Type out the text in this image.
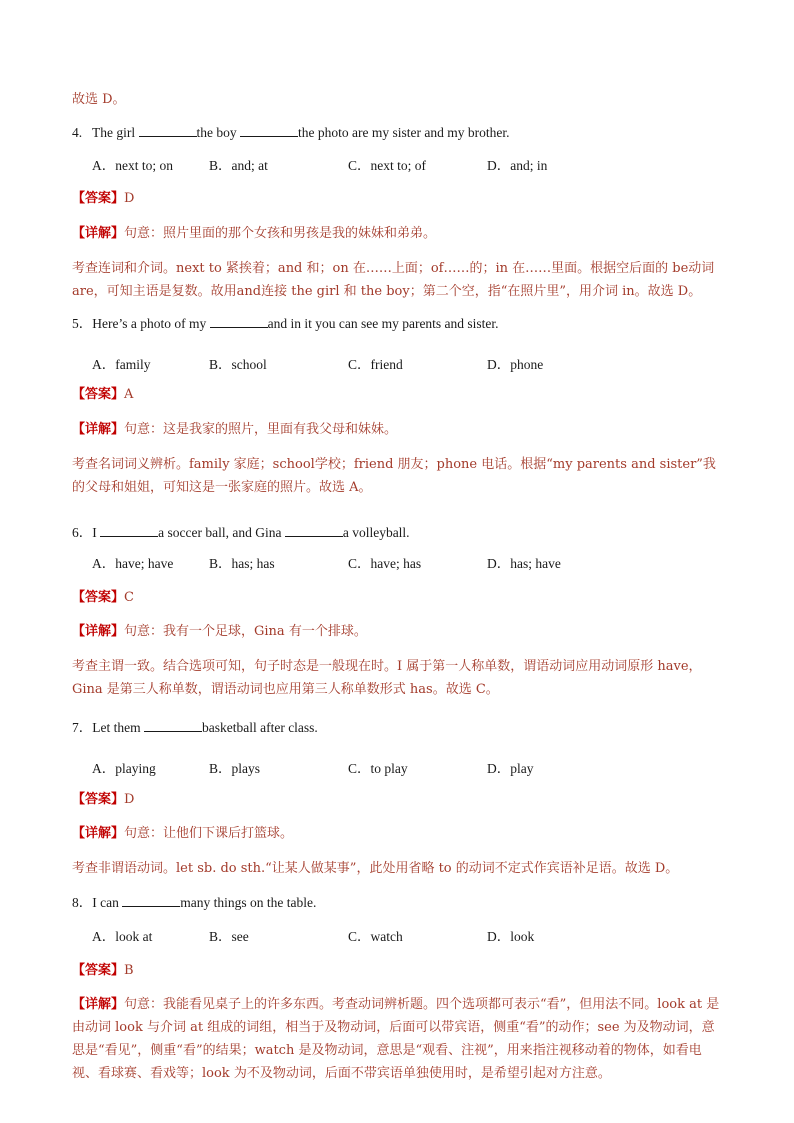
故选 D。
4. The girl	the boy	the photo are my sister and my brother.
A．next to; on	B．and; at	C．next to; of	D．and; in
【答案】D
【详解】句意：照片里面的那个女孩和男孩是我的妹妹和弟弟。
考查连词和介词。next to 紧挨着；and 和；on 在……上面；of……的；in 在……里面。根据空后面的 be动词are，可知主语是复数。故用and连接 the girl 和 the boy；第二个空，指“在照片里”，用介词 in。故选 D。
5．Here’s a photo of my	and in it you can see my parents and sister.
A．family	B．school	C．friend	D．phone
【答案】A
【详解】句意：这是我家的照片，里面有我父母和妹妹。
考查名词词义辨析。family 家庭；school学校；friend 朋友；phone 电话。根据“my parents and sister”我的父母和姐姐，可知这是一张家庭的照片。故选 A。
6．I	a soccer ball, and Gina	a volleyball.
A．have; have	B．has; has	C．have; has	D．has; have
【答案】C
【详解】句意：我有一个足球，Gina 有一个排球。
考查主谓一致。结合选项可知，句子时态是一般现在时。I 属于第一人称单数，谓语动词应用动词原形 have，Gina 是第三人称单数，谓语动词也应用第三人称单数形式 has。故选 C。
7．Let them	basketball after class.
A．playing	B．plays	C．to play	D．play
【答案】D
【详解】句意：让他们下课后打篮球。
考查非谓语动词。let sb. do sth.“让某人做某事”，此处用省略 to 的动词不定式作宾语补足语。故选 D。
8．I can	many things on the table.
A．look at	B．see	C．watch	D．look
【答案】B
【详解】句意：我能看见桌子上的许多东西。考查动词辨析题。四个选项都可表示“看”，但用法不同。look at 是由动词 look 与介词 at 组成的词组，相当于及物动词，后面可以带宾语，侧重“看”的动作；see 为及物动词，意思是“看见”，侧重“看”的结果；watch 是及物动词，意思是“观看、注视”，用来指注视移动着的物体，如看电视、看球赛、看戏等；look 为不及物动词，后面不带宾语单独使用时，是希望引起对方注意。
